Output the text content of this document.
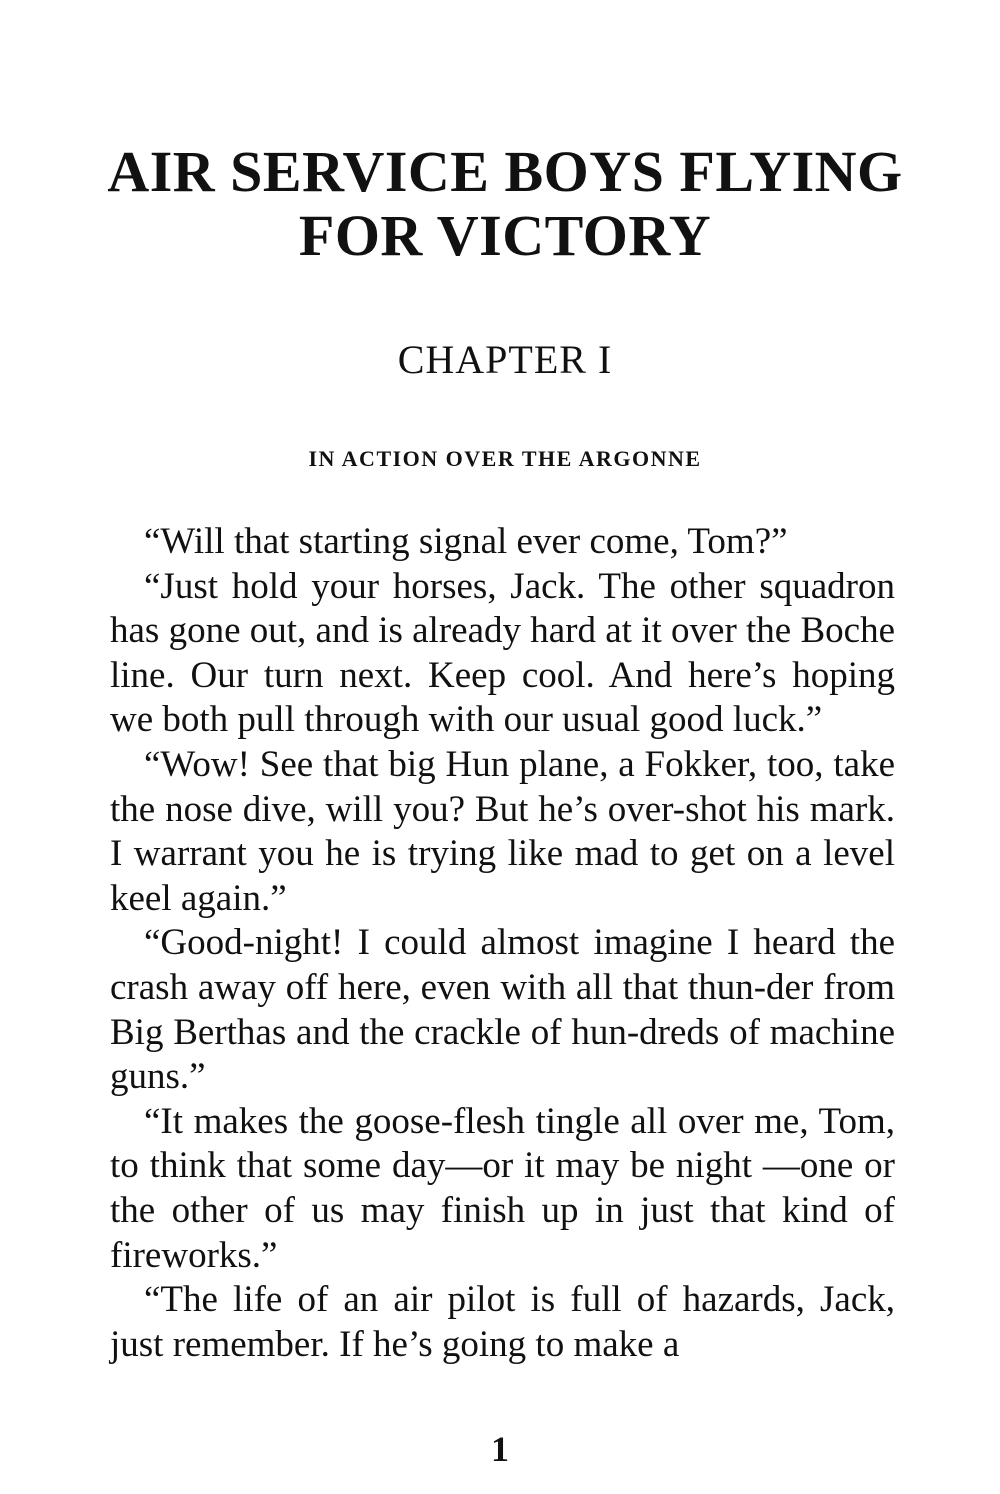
AIR SERVICE BOYS FLYING
FOR VICTORY
CHAPTER I
IN ACTION OVER THE ARGONNE

“Will that starting signal ever come, Tom?”

“Just hold your horses, Jack. The other squadron has gone out, and is already hard at it over the Boche line. Our turn next. Keep cool. And here’s hoping we both pull through with our usual good luck.”

“Wow! See that big Hun plane, a Fokker, too, take the nose dive, will you? But he’s over-shot his mark. I warrant you he is trying like mad to get on a level keel again.”

“Good-night! I could almost imagine I heard the crash away off here, even with all that thun-der from Big Berthas and the crackle of hun-dreds of machine guns.”

“It makes the goose-flesh tingle all over me, Tom, to think that some day—or it may be night —one or the other of us may finish up in just that kind of fireworks.”

“The life of an air pilot is full of hazards, Jack, just remember. If he’s going to make a

1
